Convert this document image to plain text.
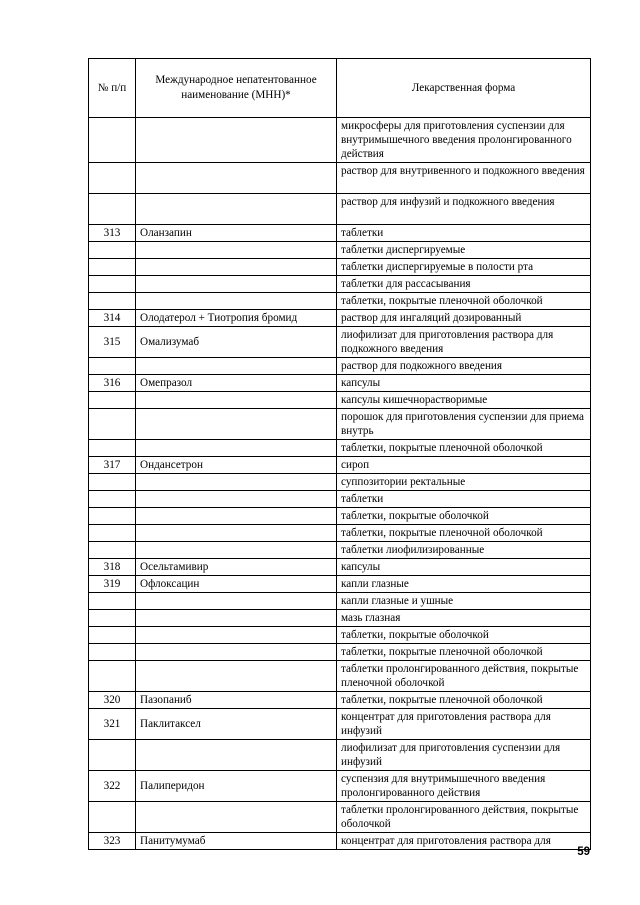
№ п/п	Международное непатентованное наименование (МНН)*	Лекарственная форма
		микросферы для приготовления суспензии для внутримышечного введения пролонгированного действия
		раствор для внутривенного и подкожного введения
		раствор для инфузий и подкожного введения
313	Оланзапин	таблетки
		таблетки диспергируемые
		таблетки диспергируемые в полости рта
		таблетки для рассасывания
		таблетки, покрытые пленочной оболочкой
314	Олодатерол + Тиотропия бромид	раствор для ингаляций дозированный
315	Омализумаб	лиофилизат для приготовления раствора для подкожного введения
		раствор для подкожного введения
316	Омепразол	капсулы
		капсулы кишечнорастворимые
		порошок для приготовления суспензии для приема внутрь
		таблетки, покрытые пленочной оболочкой
317	Ондансетрон	сироп
		суппозитории ректальные
		таблетки
		таблетки, покрытые оболочкой
		таблетки, покрытые пленочной оболочкой
		таблетки лиофилизированные
318	Осельтамивир	капсулы
319	Офлоксацин	капли глазные
		капли глазные и ушные
		мазь глазная
		таблетки, покрытые оболочкой
		таблетки, покрытые пленочной оболочкой
		таблетки пролонгированного действия, покрытые пленочной оболочкой
320	Пазопаниб	таблетки, покрытые пленочной оболочкой
321	Паклитаксел	концентрат для приготовления раствора для инфузий
		лиофилизат для приготовления суспензии для инфузий
322	Палиперидон	суспензия для внутримышечного введения пролонгированного действия
		таблетки пролонгированного действия, покрытые оболочкой
323	Панитумумаб	концентрат для приготовления раствора для
59
